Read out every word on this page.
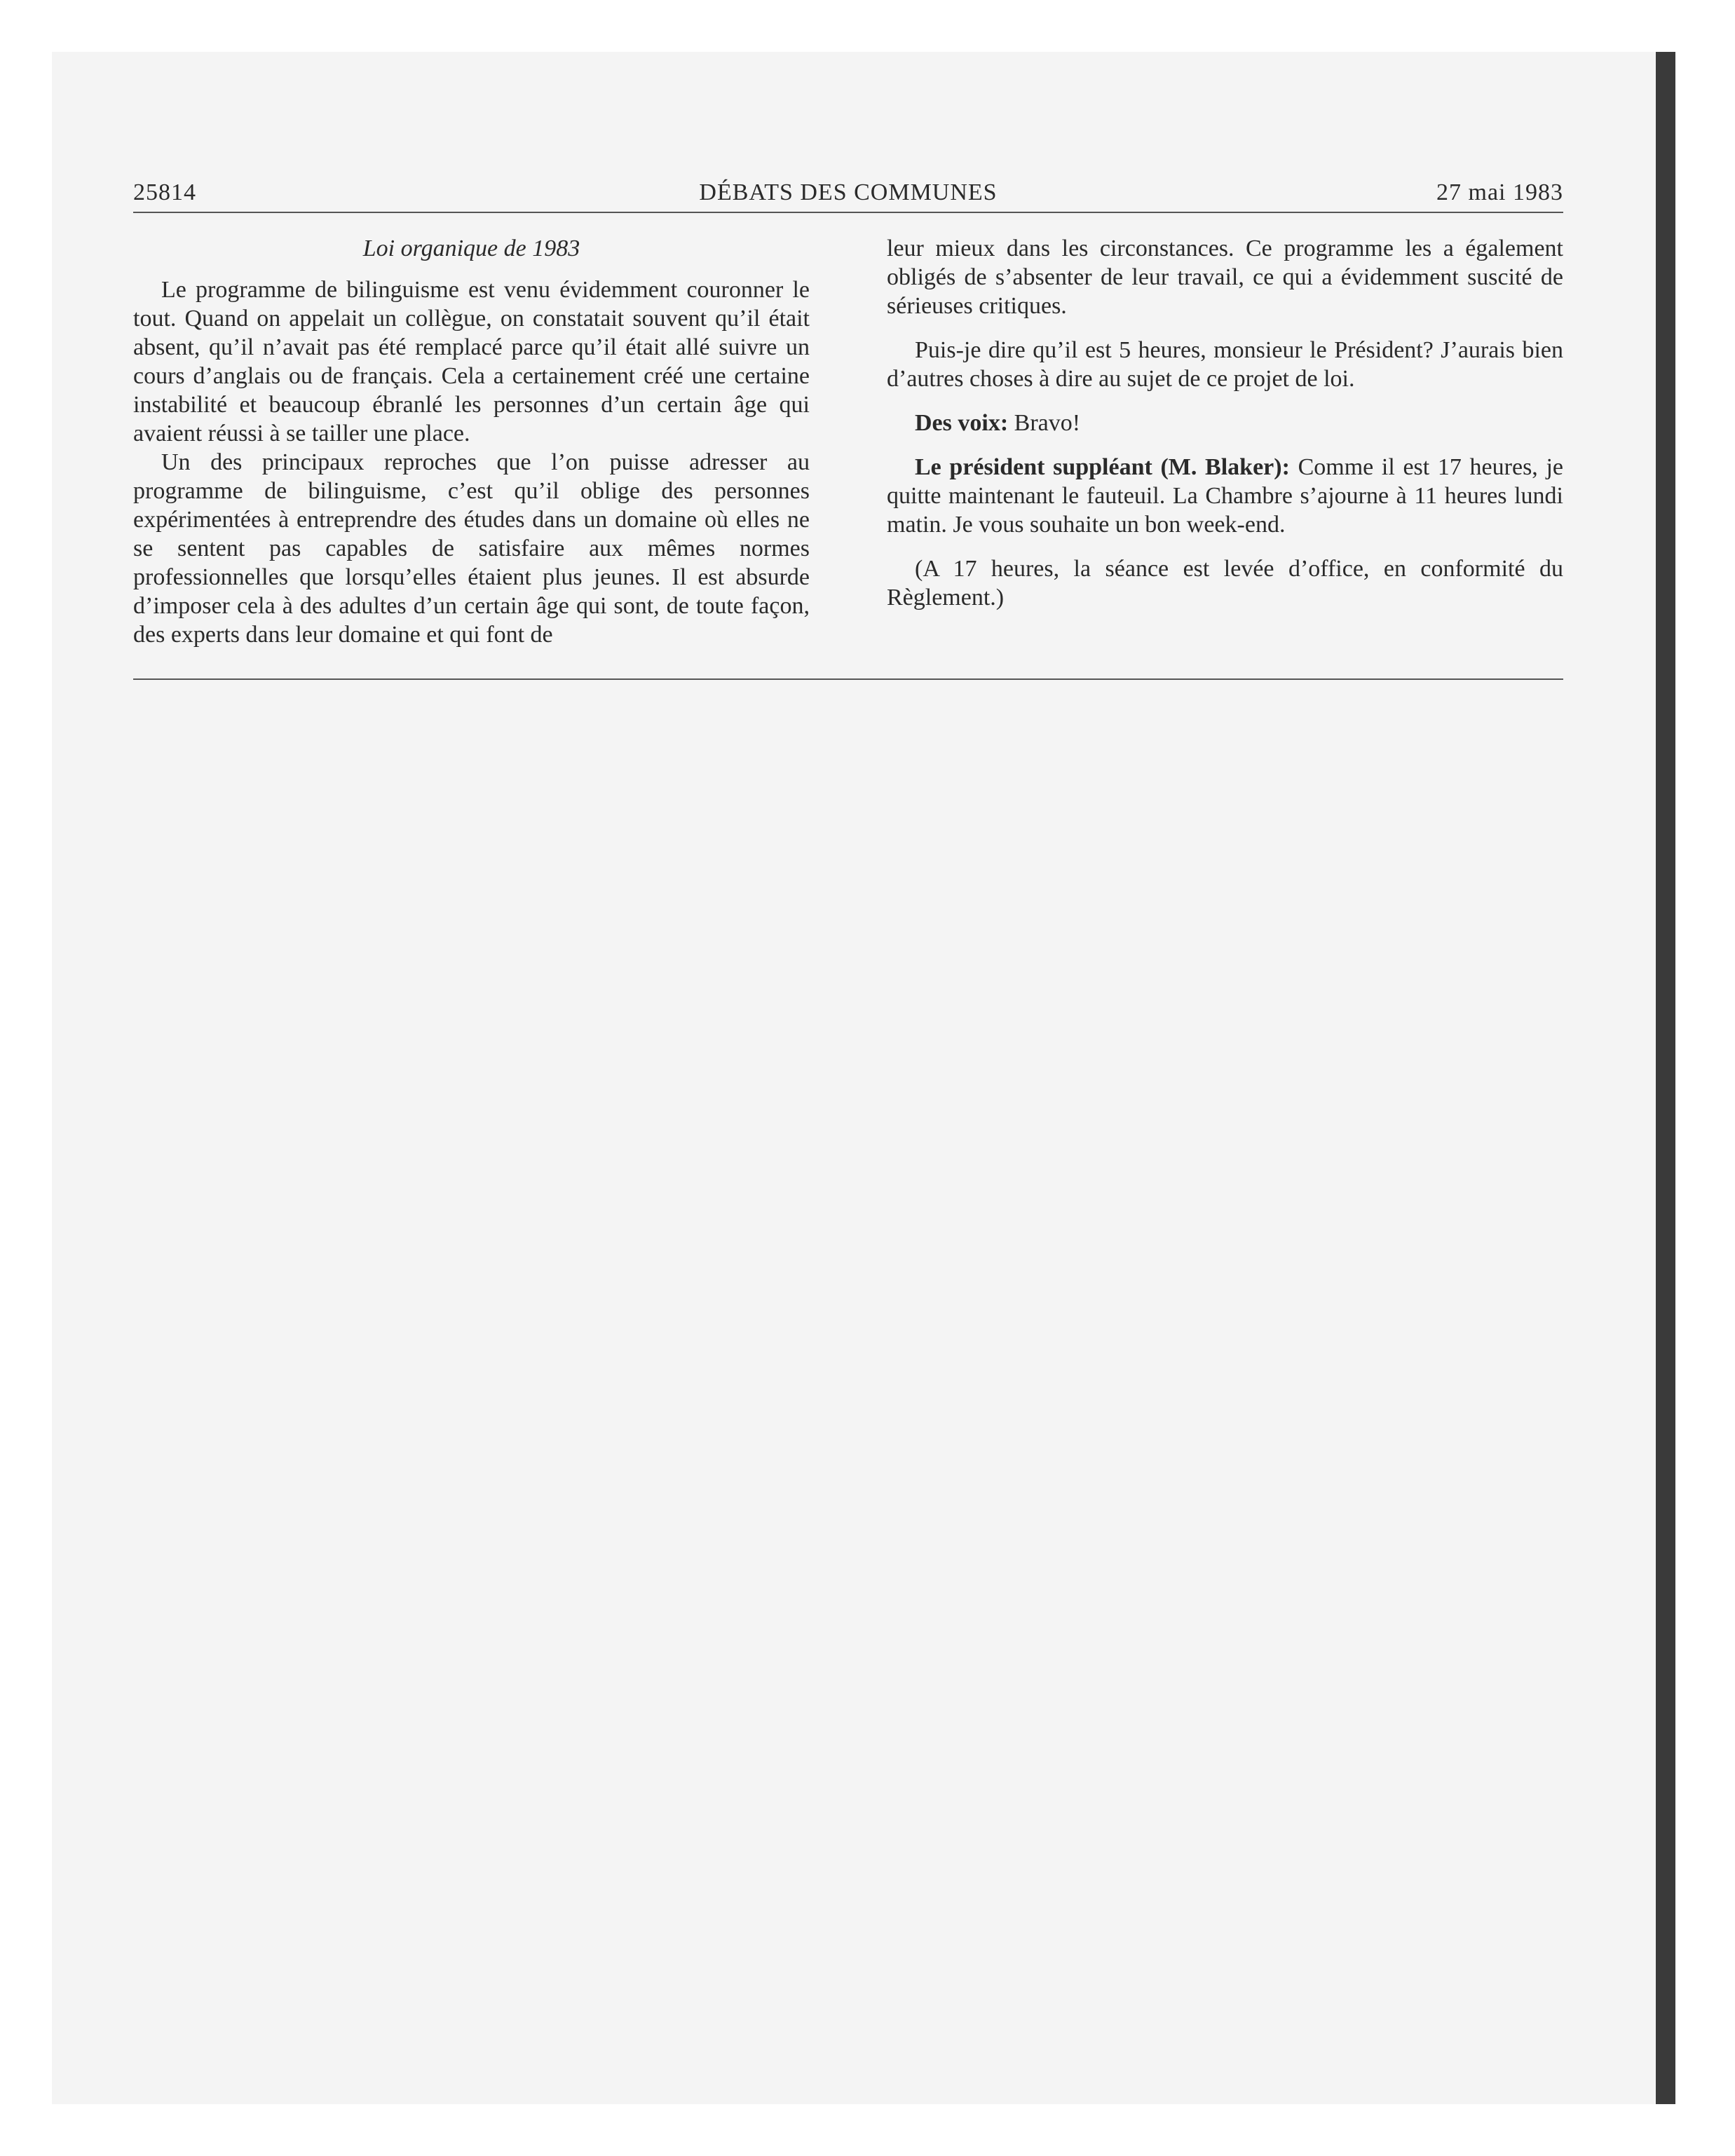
25814	DÉBATS DES COMMUNES	27 mai 1983
Loi organique de 1983

Le programme de bilinguisme est venu évidemment couronner le tout. Quand on appelait un collègue, on constatait souvent qu’il était absent, qu’il n’avait pas été remplacé parce qu’il était allé suivre un cours d’anglais ou de français. Cela a certainement créé une certaine instabilité et beaucoup ébranlé les personnes d’un certain âge qui avaient réussi à se tailler une place.

Un des principaux reproches que l’on puisse adresser au programme de bilinguisme, c’est qu’il oblige des personnes expérimentées à entreprendre des études dans un domaine où elles ne se sentent pas capables de satisfaire aux mêmes normes professionnelles que lorsqu’elles étaient plus jeunes. Il est absurde d’imposer cela à des adultes d’un certain âge qui sont, de toute façon, des experts dans leur domaine et qui font de

leur mieux dans les circonstances. Ce programme les a également obligés de s’absenter de leur travail, ce qui a évidemment suscité de sérieuses critiques.

Puis-je dire qu’il est 5 heures, monsieur le Président? J’aurais bien d’autres choses à dire au sujet de ce projet de loi.

Des voix: Bravo!

Le président suppléant (M. Blaker): Comme il est 17 heures, je quitte maintenant le fauteuil. La Chambre s’ajourne à 11 heures lundi matin. Je vous souhaite un bon week-end.

(A 17 heures, la séance est levée d’office, en conformité du Règlement.)
